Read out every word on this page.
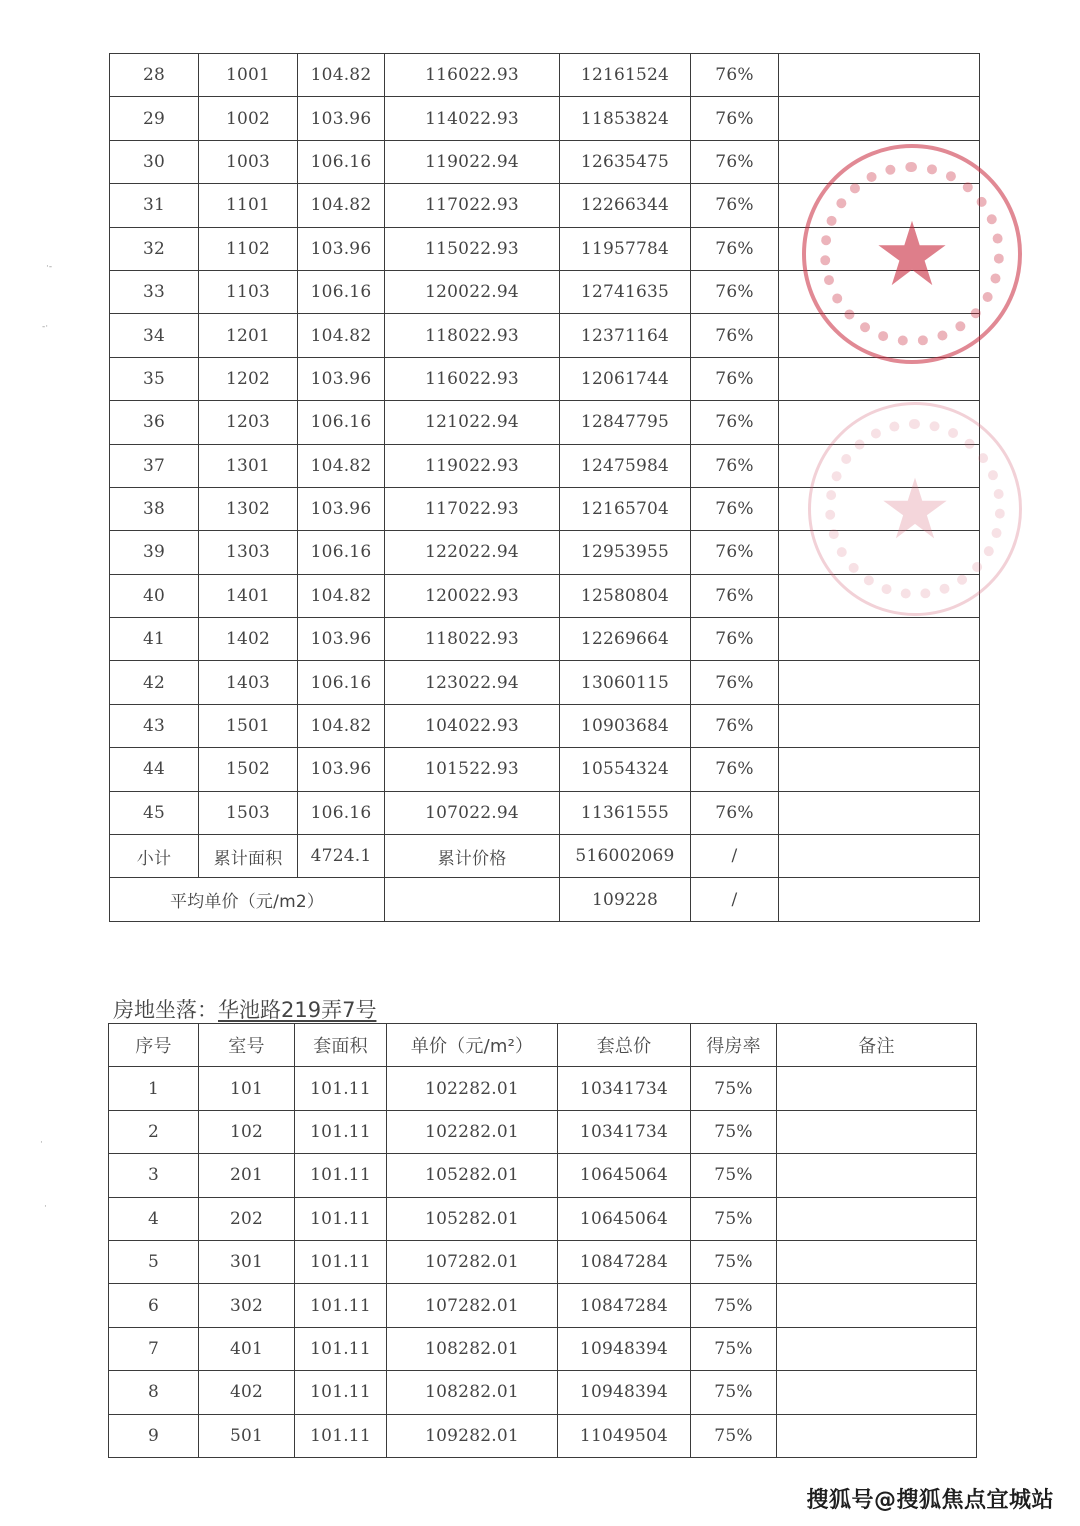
28	1001	104.82	116022.93	12161524	76%	
29	1002	103.96	114022.93	11853824	76%	
30	1003	106.16	119022.94	12635475	76%	
31	1101	104.82	117022.93	12266344	76%	
32	1102	103.96	115022.93	11957784	76%	
33	1103	106.16	120022.94	12741635	76%	
34	1201	104.82	118022.93	12371164	76%	
35	1202	103.96	116022.93	12061744	76%	
36	1203	106.16	121022.94	12847795	76%	
37	1301	104.82	119022.93	12475984	76%	
38	1302	103.96	117022.93	12165704	76%	
39	1303	106.16	122022.94	12953955	76%	
40	1401	104.82	120022.93	12580804	76%	
41	1402	103.96	118022.93	12269664	76%	
42	1403	106.16	123022.94	13060115	76%	
43	1501	104.82	104022.93	10903684	76%	
44	1502	103.96	101522.93	10554324	76%	
45	1503	106.16	107022.94	11361555	76%	
小计	累计面积	4724.1	累计价格	516002069	/	
平均单价（元/m2）				109228	/	
房地坐落：华池路219弄7号
序号	室号	套面积	单价（元/m²）	套总价	得房率	备注
1	101	101.11	102282.01	10341734	75%	
2	102	101.11	102282.01	10341734	75%	
3	201	101.11	105282.01	10645064	75%	
4	202	101.11	105282.01	10645064	75%	
5	301	101.11	107282.01	10847284	75%	
6	302	101.11	107282.01	10847284	75%	
7	401	101.11	108282.01	10948394	75%	
8	402	101.11	108282.01	10948394	75%	
9	501	101.11	109282.01	11049504	75%	
·-
-·
·
·
搜狐号@搜狐焦点宜城站
